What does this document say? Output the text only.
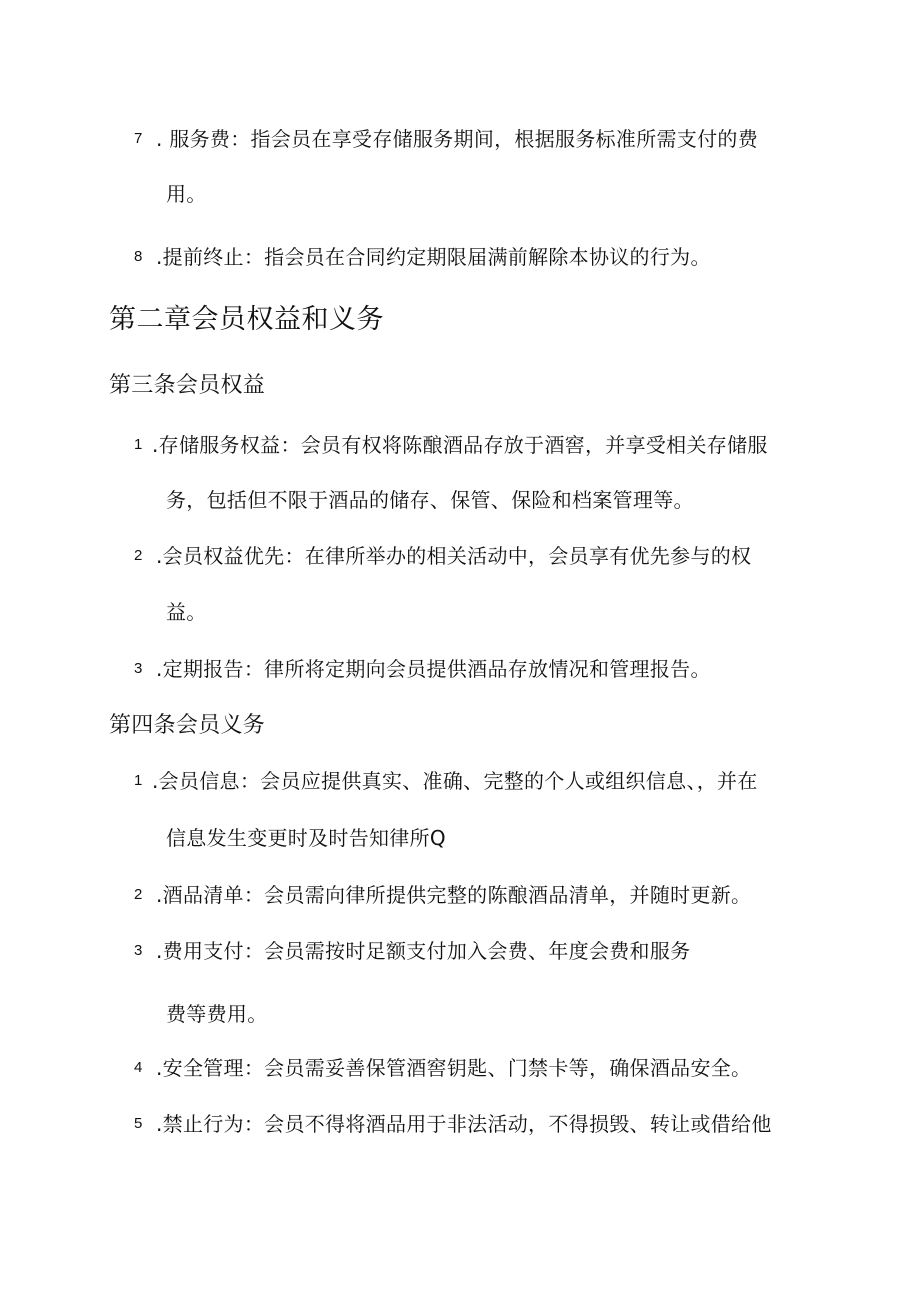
7 . 服务费：指会员在享受存储服务期间，根据服务标准所需支付的费
用。
8 .提前终止：指会员在合同约定期限届满前解除本协议的行为。
第二章会员权益和义务
第三条会员权益
1 .存储服务权益：会员有权将陈酿酒品存放于酒窖，并享受相关存储服
务，包括但不限于酒品的储存、保管、保险和档案管理等。
2 .会员权益优先：在律所举办的相关活动中，会员享有优先参与的权
益。
3 .定期报告：律所将定期向会员提供酒品存放情况和管理报告。
第四条会员义务
1 .会员信息：会员应提供真实、准确、完整的个人或组织信息、，并在
信息发生变更时及时告知律所Q
2 .酒品清单：会员需向律所提供完整的陈酿酒品清单，并随时更新。
3 .费用支付：会员需按时足额支付加入会费、年度会费和服务
费等费用。
4 .安全管理：会员需妥善保管酒窖钥匙、门禁卡等，确保酒品安全。
5 .禁止行为：会员不得将酒品用于非法活动，不得损毁、转让或借给他
